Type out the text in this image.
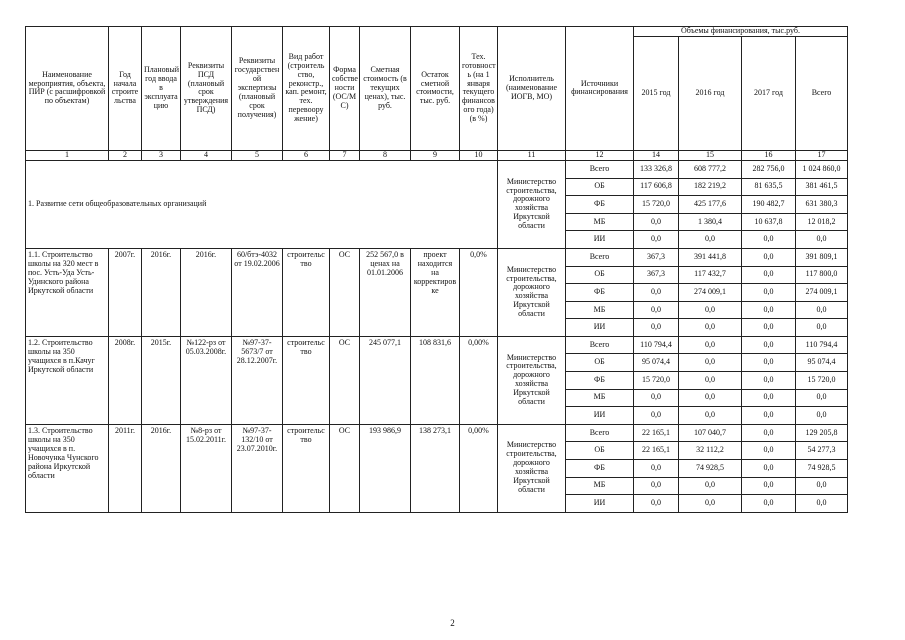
Наименование мероприятия, объекта, ПИР (с расшифровкой по объектам)	Год начала строите льства	Плановый год ввода в эксплуата цию	Реквизиты ПСД (плановый срок утверждения ПСД)	Реквизиты государствен ой экспертизы (плановый срок получения)	Вид работ (строитель ство, реконстр., кап. ремонт, тех. перевоору жение)	Форма собстве ности (ОС/М С)	Сметная стоимость (в текущих ценах), тыс. руб.	Остаток сметной стоимости, тыс. руб.	Тех. готовност ь (на 1 января текущего финансов ого года) (в %)	Исполнитель (наименование ИОГВ, МО)	Источники финансирования	Объемы финансирования, тыс.руб.			
												2015 год	2016 год	2017 год	Всего
1	2	3	4	5	6	7	8	9	10	11	12	14	15	16	17
1. Развитие сети общеобразовательных организаций										Министерство строительства, дорожного хозяйства Иркутской области	Всего	133 326,8	608 777,2	282 756,0	1 024 860,0
											ОБ	117 606,8	182 219,2	81 635,5	381 461,5
											ФБ	15 720,0	425 177,6	190 482,7	631 380,3
											МБ	0,0	1 380,4	10 637,8	12 018,2
											ИИ	0,0	0,0	0,0	0,0
1.1. Строительство школы на 320 мест в пос. Усть-Уда Усть-Удинского района Иркутской области	2007г.	2016г.	2016г.	60/бтэ-4032 от 19.02.2006	строительс тво	ОС	252 567,0 в ценах на 01.01.2006	проект находится на корректиров ке	0,0%	Министерство строительства, дорожного хозяйства Иркутской области	Всего	367,3	391 441,8	0,0	391 809,1
											ОБ	367,3	117 432,7	0,0	117 800,0
											ФБ	0,0	274 009,1	0,0	274 009,1
											МБ	0,0	0,0	0,0	0,0
											ИИ	0,0	0,0	0,0	0,0
1.2. Строительство школы на 350 учащихся в п.Качуг Иркутской области	2008г.	2015г.	№122-рз от 05.03.2008г.	№97-37-5673/7 от 28.12.2007г.	строительс тво	ОС	245 077,1	108 831,6	0,00%	Министерство строительства, дорожного хозяйства Иркутской области	Всего	110 794,4	0,0	0,0	110 794,4
											ОБ	95 074,4	0,0	0,0	95 074,4
											ФБ	15 720,0	0,0	0,0	15 720,0
											МБ	0,0	0,0	0,0	0,0
											ИИ	0,0	0,0	0,0	0,0
1.3. Строительство школы на 350 учащихся в п. Новочунка Чунского района Иркутской области	2011г.	2016г.	№8-рз от 15.02.2011г.	№97-37-132/10 от 23.07.2010г.	строительс тво	ОС	193 986,9	138 273,1	0,00%	Министерство строительства, дорожного хозяйства Иркутской области	Всего	22 165,1	107 040,7	0,0	129 205,8
											ОБ	22 165,1	32 112,2	0,0	54 277,3
											ФБ	0,0	74 928,5	0,0	74 928,5
											МБ	0,0	0,0	0,0	0,0
											ИИ	0,0	0,0	0,0	0,0
2
